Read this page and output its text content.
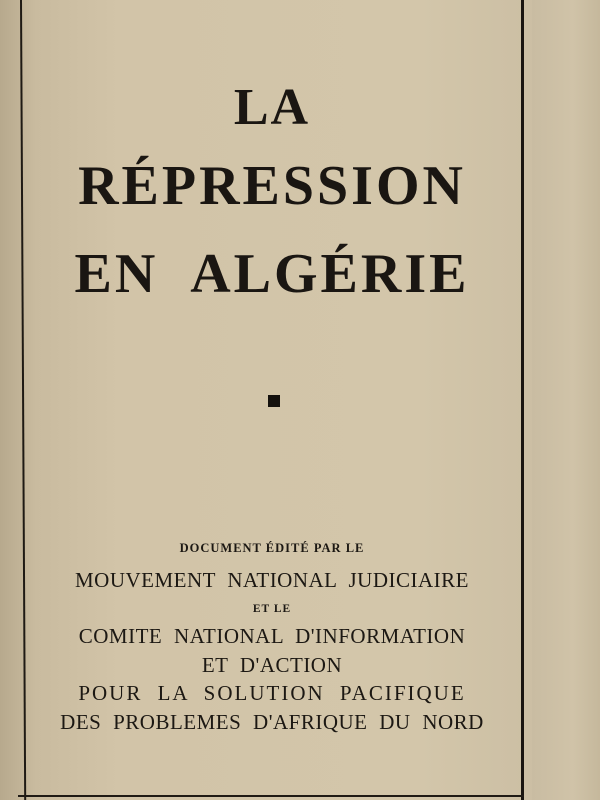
LA
RÉPRESSION
EN ALGÉRIE
DOCUMENT ÉDITÉ PAR LE
MOUVEMENT NATIONAL JUDICIAIRE
ET LE
COMITE NATIONAL D'INFORMATION
ET D'ACTION
POUR LA SOLUTION PACIFIQUE
DES PROBLEMES D'AFRIQUE DU NORD
